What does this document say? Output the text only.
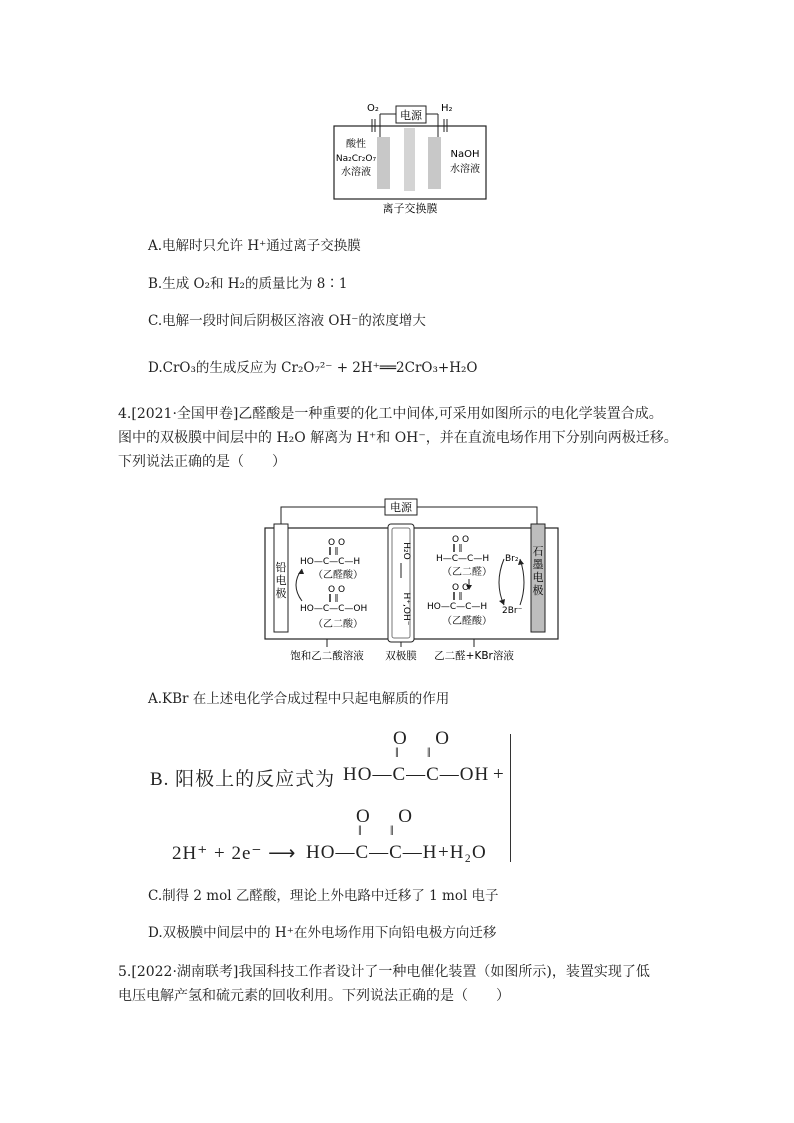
电源
O₂	H₂
酸性
Na₂Cr₂O₇
水溶液
NaOH
水溶液
离子交换膜
A.电解时只允许 H⁺通过离子交换膜
B.生成 O₂和 H₂的质量比为 8∶1
C.电解一段时间后阴极区溶液 OH⁻的浓度增大
D.CrO₃的生成反应为 Cr₂O₇²⁻ + 2H⁺══2CrO₃+H₂O
4.[2021·全国甲卷]乙醛酸是一种重要的化工中间体,可采用如图所示的电化学装置合成。
图中的双极膜中间层中的 H₂O 解离为 H⁺和 OH⁻，并在直流电场作用下分别向两极迁移。
下列说法正确的是（　　）
电源
铅
电
极
石
墨
电
极
H₂O
H⁺,OH⁻
O O
‖ ‖
HO—C—C—H
（乙醛酸）
O O
‖ ‖
HO—C—C—OH
（乙二酸）
O O
‖ ‖
H—C—C—H
（乙二醛）
O O
‖ ‖
HO—C—C—H
（乙醛酸）
Br₂
2Br⁻
饱和乙二酸溶液 双极膜 乙二醛+KBr溶液
A.KBr 在上述电化学合成过程中只起电解质的作用
B. 阳极上的反应式为
O      O
‖        ‖
HO—C—C—OH +
2H⁺ + 2e⁻ ⟶
O      O
‖        ‖
HO—C—C—H +H₂O
C.制得 2 mol 乙醛酸，理论上外电路中迁移了 1 mol 电子
D.双极膜中间层中的 H⁺在外电场作用下向铅电极方向迁移
5.[2022·湖南联考]我国科技工作者设计了一种电催化装置（如图所示)，装置实现了低
电压电解产氢和硫元素的回收利用。下列说法正确的是（　　）
